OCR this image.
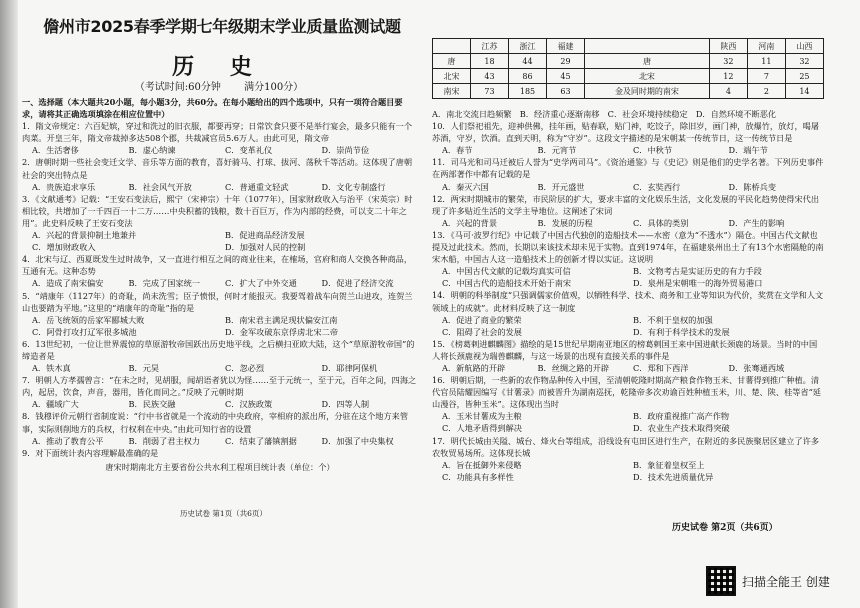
儋州市2025春季学期七年级期末学业质量监测试题
历 史
（考试时间:60分钟 满分100分）
一、选择题（本大题共20小题，每小题3分，共60分。在每小题给出的四个选项中，只有一项符合题目要求，请将其正确选项填涂在相应位置中）
1．隋文帝规定：六百妃嫔，穿过和洗过的旧衣服，都要再穿；日常饮食只要不是举行宴会，最多只能有一个肉菜。开皇三年，隋文帝裁掉多达508个郡，共裁减官员5.6万人。由此可见，隋文帝
A．生活奢侈	B．虚心纳谏	C．变革礼仪	D．崇尚节俭
2．唐朝时期一些社会变迁文学、音乐等方面的教育，喜好骑马、打球、拔河、荡秋千等活动。这体现了唐朝社会的突出特点是
A．贵族追求享乐	B．社会风气开放	C．普通重文轻武	D．文化专制盛行
3．《文献通考》记载：“王安石变法后，熙宁（宋神宗）十年（1077年），国家财政收入与治平（宋英宗）时相比较，共增加了一千四百一十二万……中央积蓄的钱粮，数十百巨万，作为内部的经费，可以支二十年之用”。此史料反映了王安石变法
A．兴起的背景抑制土地兼并	B．促进商品经济发展
C．增加财政收入	D．加强对人民的控制
4．北宋与辽、西夏既发生过时战争，又一直进行相互之间的商业往来，在榷场，官府和商人交换各种商品，互通有无。这种态势
A．造成了南宋偏安	B．完成了国家统一	C．扩大了中外交通	D．促进了经济交流
5．“靖康年（1127年）的奇耻，尚未洗雪；臣子愤恨，何时才能报灭。我要驾着战车向贺兰山进攻，连贺兰山也要踏为平地。”这里的“靖康年的奇耻”指的是
A．岳飞统领的岳家军郾城大败	B．南宋君主满足现状偏安江南
C．阿骨打攻打辽军很多城池	D．金军攻破东京俘虏北宋二帝
6．13世纪初，一位让世界震惊的草原游牧帝国跃出历史地平线，之后横扫亚欧大陆，这个“草原游牧帝国”的缔造者是
A．铁木真	B．元昊	C．忽必烈	D．耶律阿保机
7．明朝人方孝孺曾言：“在未之时，见胡服，闻胡语者犹以为怪……至于元统一，至于元，百年之间，四海之内，起居，饮食，声音，器用，皆化而同之。”反映了元朝时期
A．疆域广大	B．民族交融	C．汉族政策	D．四等人制
8．钱穆评价元朝行省制度说：“行中书省就是一个流动的中央政府，宰相府的派出所，分驻在这个地方来管事，实际则削地方的兵权，行权利在中央。”由此可知行省的设置
A．推动了教育公平	B．削弱了君主权力	C．结束了藩镇割据	D．加强了中央集权
9．对下面统计表内容理解最准确的是
唐宋时期南北方主要省份公共水利工程项目统计表（单位：个）
历史试卷 第1页（共6页）
	江苏	浙江	福建		陕西	河南	山西
唐	18	44	29	唐	32	11	32
北宋	43	86	45	北宋	12	7	25
南宋	73	185	63	金及同时期的南宋	4	2	14
A．南北交流日趋频繁　B．经济重心逐渐南移　C．社会环境持续稳定　D．自然环境不断恶化
10．人们祭祀祖先，迎神供佛，挂年画，贴春联，贴门神，吃饺子，除旧岁，画门神，放爆竹，放灯，喝屠苏酒，守岁，饮酒。直到天明，称为“守岁”。这段文字描述的是宋朝某一传统节日，这一传统节日是
A．春节	B．元宵节	C．中秋节	D．端午节
11．司马光和司马迁被后人誉为“史学两司马”。《资治通鉴》与《史记》则是他们的史学名著。下列历史事件在两部著作中都有记载的是
A．秦灭六国	B．开元盛世	C．玄奘西行	D．陈桥兵变
12．两宋时期城市的繁荣，市民阶层的扩大，要求丰富的文化娱乐生活，文化发展的平民化趋势使得宋代出现了许多贴近生活的文学主导地位。这阐述了宋词
A．兴起的背景	B．发展的历程	C．具体的类别	D．产生的影响
13．《马可·波罗行纪》中记载了中国古代独创的造船技术——水密（意为“不透水”）隔仓。中国古代文献也提及过此技术。然而，长期以来该技术却未见于实物。直到1974年，在福建泉州出土了有13个水密隔舱的南宋木船，中国古人这一造船技术上的创新才得以实证。这说明
A．中国古代文献的记载均真实可信	B．文物考古是实证历史的有力手段
C．中国古代的造船技术开始于南宋	D．泉州是宋朝唯一的海外贸易港口
14．明朝的科举制度“只强调儒家价值观，以牺牲科学、技术、商务和工业等知识为代价，奖赏在文学和人文领域上的成就”。此材料反映了这一制度
A．促进了商业的繁荣	B．不利于皇权的加强
C．阻碍了社会的发展	D．有利于科学技术的发展
15．《榜葛剌进麒麟图》描绘的是15世纪早期南亚地区的榜葛剌国王来中国进献长颈鹿的场景。当时的中国人将长颈鹿视为瑞兽麒麟，与这一场景的出现有直接关系的事件是
A．新航路的开辟	B．丝绸之路的开辟	C．郑和下西洋	D．张骞通西域
16．明朝后期，一些新的农作物品种传入中国，至清朝乾隆时期高产粮食作物玉米、甘薯得到推广种植。清代官员陆耀因编写《甘薯录》而被晋升为湖南巡抚，乾隆帝多次劝谕百姓种植玉米，川、楚、陕、桂等省“延山漫谷，皆种玉米”。这体现出当时
A．玉米甘薯成为主粮	B．政府重视推广高产作物
C．人地矛盾得到解决	D．农业生产技术取得突破
17．明代长城由关隘、城台、烽火台等组成，沿线设有屯田区进行生产，在附近的多民族聚居区建立了许多农牧贸易场所。这体现长城
A．旨在抵御外来侵略	B．象征着皇权至上
C．功能具有多样性	D．技术先进质量优异
历史试卷 第2页（共6页）
扫描全能王 创建
